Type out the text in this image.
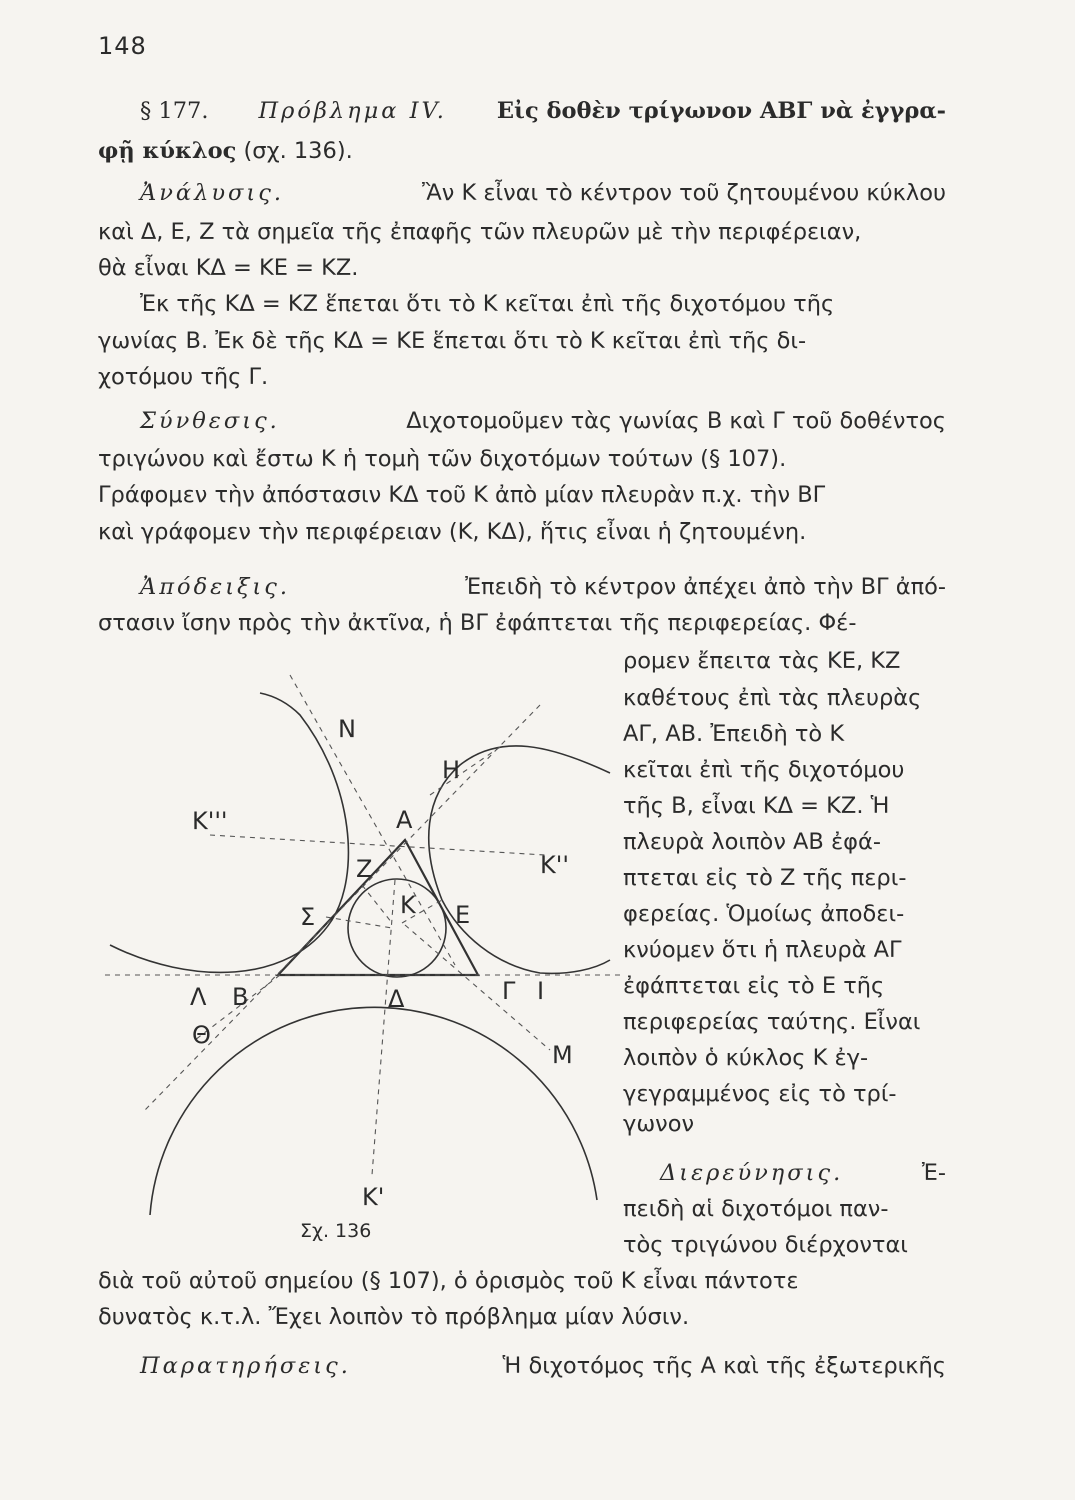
148
§ 177. Πρόβλημα IV. Εἰς δοθὲν τρίγωνον ΑΒΓ νὰ ἐγγρα-
φῇ κύκλος
(σχ. 136).
Ἀνάλυσις.	Ἂν Κ εἶναι τὸ κέντρον τοῦ ζητουμένου κύκλου
καὶ Δ, Ε, Ζ τὰ σημεῖα τῆς ἐπαφῆς τῶν πλευρῶν μὲ τὴν περιφέρειαν,
θὰ εἶναι ΚΔ = ΚΕ = ΚΖ.
Ἐκ τῆς ΚΔ = ΚΖ ἕπεται ὅτι τὸ Κ κεῖται ἐπὶ τῆς διχοτόμου τῆς
γωνίας Β. Ἐκ δὲ τῆς ΚΔ = ΚΕ ἕπεται ὅτι τὸ Κ κεῖται ἐπὶ τῆς δι-
χοτόμου τῆς Γ.
Σύνθεσις.	Διχοτομοῦμεν τὰς γωνίας Β καὶ Γ τοῦ δοθέντος
τριγώνου καὶ ἔστω Κ ἡ τομὴ τῶν διχοτόμων τούτων (§ 107).
Γράφομεν τὴν ἀπόστασιν ΚΔ τοῦ Κ ἀπὸ μίαν πλευρὰν π.χ. τὴν ΒΓ
καὶ γράφομεν τὴν περιφέρειαν (Κ, ΚΔ), ἥτις εἶναι ἡ ζητουμένη.
Ἀπόδειξις.	Ἐπειδὴ τὸ κέντρον ἀπέχει ἀπὸ τὴν ΒΓ ἀπό-
στασιν ἴσην πρὸς τὴν ἀκτῖνα, ἡ ΒΓ ἐφάπτεται τῆς περιφερείας. Φέ-
ρομεν ἔπειτα τὰς ΚΕ, ΚΖ
καθέτους ἐπὶ τὰς πλευρὰς
ΑΓ, ΑΒ. Ἐπειδὴ τὸ Κ
κεῖται ἐπὶ τῆς διχοτόμου
τῆς Β, εἶναι ΚΔ = ΚΖ. Ἡ
πλευρὰ λοιπὸν ΑΒ ἐφά-
πτεται εἰς τὸ Ζ τῆς περι-
φερείας. Ὁμοίως ἀποδει-
κνύομεν ὅτι ἡ πλευρὰ ΑΓ
ἐφάπτεται εἰς τὸ Ε τῆς
περιφερείας ταύτης. Εἶναι
λοιπὸν ὁ κύκλος Κ ἐγ-
γεγραμμένος εἰς τὸ τρί-
γωνον
Διερεύνησις.	Ἐ-
πειδὴ αἱ διχοτόμοι παν-
τὸς τριγώνου διέρχονται
διὰ τοῦ αὐτοῦ σημείου (§ 107), ὁ ὁρισμὸς τοῦ Κ εἶναι πάντοτε
δυνατὸς κ.τ.λ. Ἔχει λοιπὸν τὸ πρόβλημα μίαν λύσιν.
Παρατηρήσεις.	Ἡ διχοτόμος τῆς Α καὶ τῆς ἐξωτερικῆς
Ν
Η
Α
Κ'''
Κ''
Ζ
Κ Ε
Σ
Λ Β	Δ	Γ Ι
Θ
Μ
Κ'
Σχ. 136
